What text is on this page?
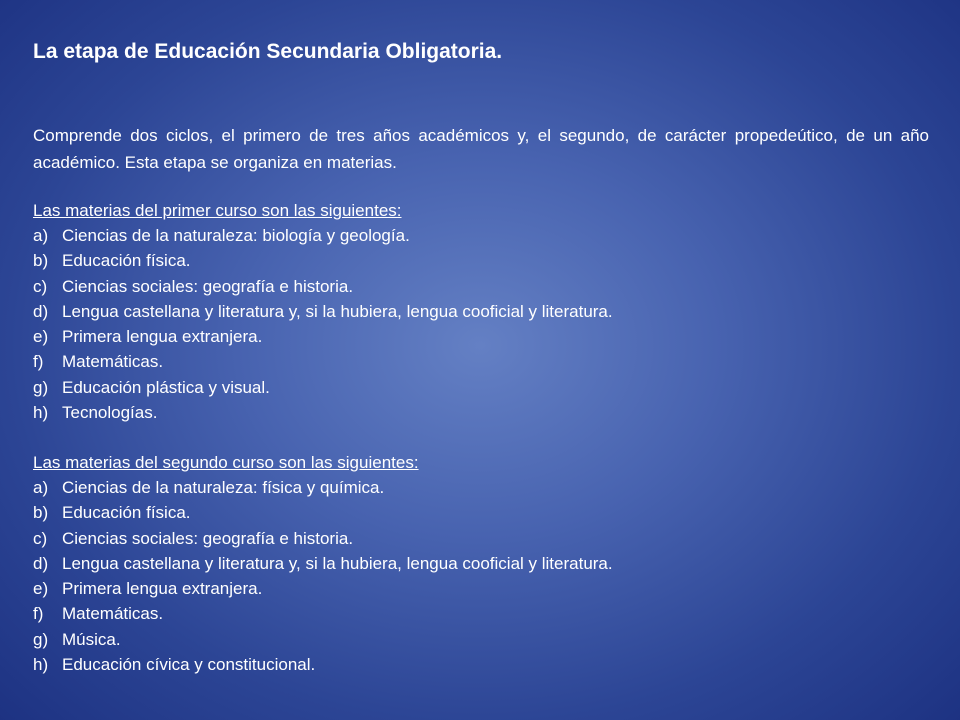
La etapa de Educación Secundaria Obligatoria.

Comprende dos ciclos, el primero de tres años académicos y, el segundo, de carácter propedeútico, de un año académico. Esta etapa se organiza en materias.

Las materias del primer curso son las siguientes:
a) Ciencias de la naturaleza: biología y geología.
b) Educación física.
c) Ciencias sociales: geografía e historia.
d) Lengua castellana y literatura y, si la hubiera, lengua cooficial y literatura.
e) Primera lengua extranjera.
f) Matemáticas.
g) Educación plástica y visual.
h) Tecnologías.
Las materias del segundo curso son las siguientes:
a) Ciencias de la naturaleza: física y química.
b) Educación física.
c) Ciencias sociales: geografía e historia.
d) Lengua castellana y literatura y, si la hubiera, lengua cooficial y literatura.
e) Primera lengua extranjera.
f) Matemáticas.
g) Música.
h) Educación cívica y constitucional.
